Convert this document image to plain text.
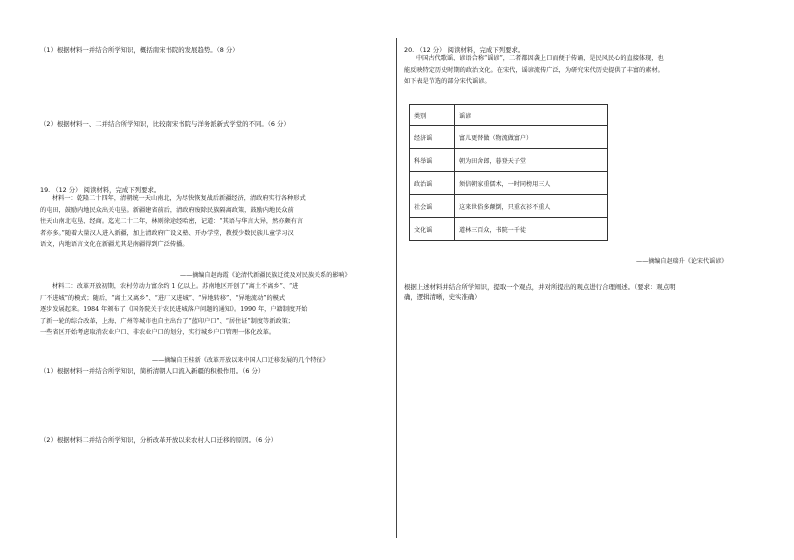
（1）根据材料一并结合所学知识，概括南宋书院的发展趋势。（8 分）
（2）根据材料一、二并结合所学知识，比较南宋书院与洋务派新式学堂的不同。（6 分）
19. （12 分） 阅读材料，完成下列要求。
材料一：乾隆二十四年，清朝统一天山南北，为尽快恢复战后新疆经济，清政府实行各种形式
的屯田，鼓励内地民众出关屯垦。新疆建省前后，清政府废除民族隔离政策，鼓励内地民众前
往天山南北屯垦、经商。迄光二十二年，林则徐途经哈密，记道：“其语与华言大异，然亦颇有言
者亦多。”随着大量汉人进入新疆，加上清政府广设义塾、开办学堂，教授少数民族儿童学习汉
语文，内地语言文化在新疆尤其是南疆得到广泛传播。
——摘编自赵海霞《论清代新疆民族迁徙及对民族关系的影响》
材料二：改革开放初期，农村劳动力富余约 1 亿以上。苏南地区开创了“离土不离乡”、“进
厂不进城”的模式；随后，“离土又离乡”、“进厂又进城”、“异地转移”、“异地流动”的模式
逐步发展起来。1984 年颁布了《国务院关于农民进城落户问题的通知》。1990 年，户籍制度开始
了新一轮的综合改革，上海、广州等城市也自主出台了“蓝印户口”、“居住证”制度等新政策；
一些省区开始考虑取消农业户口、非农业户口的划分，实行城乡户口管理一体化改革。
——摘编自王桂新《改革开放以来中国人口迁移发展的几个特征》
（1）根据材料一并结合所学知识，简析清朝人口流入新疆的积极作用。（6 分）
（2）根据材料二并结合所学知识，分析改革开放以来农村人口迁移的原因。（6 分）
20. （12 分） 阅读材料，完成下列要求。
中国古代歌谣、谚语合称“谣谚”，二者都因袭上口而便于传诵，是民风民心的直接体现，也
能反映特定历史时期的政治文化。在宋代，谣谚流传广泛，为研究宋代历史提供了丰富的素材。
如下表是节选的部分宋代谣谚。
类别	谣谚
经济谣	富儿更替做（物流做富户）
科举谣	朝为田舍郎，暮登天子堂
政治谣	须信朝家重儒术，一时同榜用三人
社会谣	这来世俗多颠倒，只重衣衫不重人
文化谣	道林三百众，书院一千徒
——摘编自赵瑞升《论宋代谣谚》
根据上述材料并结合所学知识，提取一个观点，并对所提出的观点进行合理阐述。（要求：观点明
确，逻辑清晰，史实准确）
